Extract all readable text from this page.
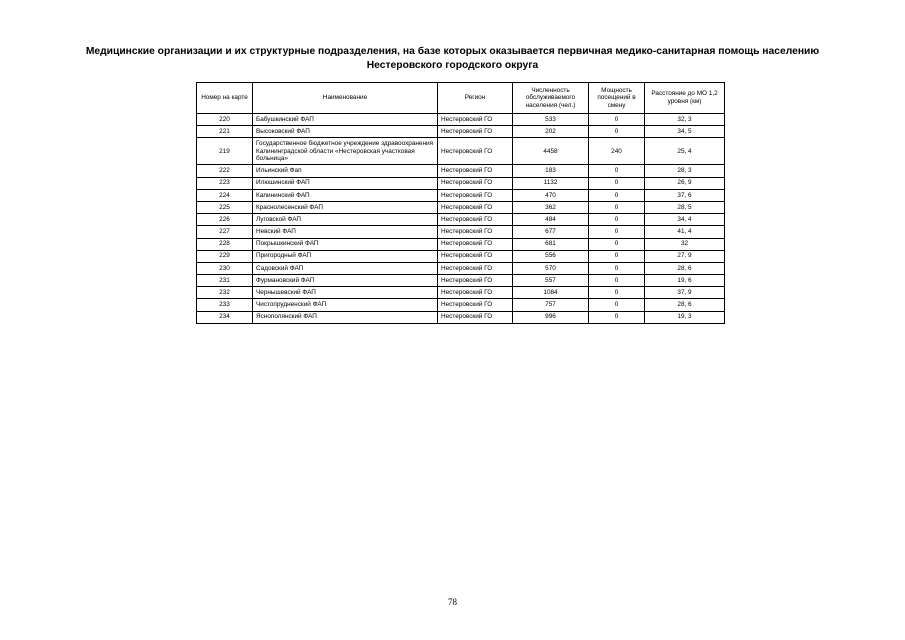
Медицинские организации и их структурные подразделения, на базе которых оказывается первичная медико-санитарная помощь населению
Нестеровского городского округа
Номер на карте	Наименование	Регион	Численность обслуживаемого населения (чел.)	Мощность посещений в смену	Расстояние до МО 1,2 уровня (км)
220	Бабушкинский ФАП	Нестеровский ГО	533	0	32, 3
221	Высоковский ФАП	Нестеровский ГО	202	0	34, 5
219	Государственное бюджетное учреждение здравоохранения Калининградской области «Нестеровская участковая больница»	Нестеровский ГО	4458	240	25, 4
222	Ильинский Фап	Нестеровский ГО	183	0	28, 3
223	Илюшинский ФАП	Нестеровский ГО	1132	0	26, 9
224	Калининский ФАП	Нестеровский ГО	470	0	37, 6
225	Краснолесенский ФАП	Нестеровский ГО	362	0	28, 5
226	Луговской ФАП	Нестеровский ГО	484	0	34, 4
227	Невский ФАП	Нестеровский ГО	677	0	41, 4
228	Покрышкинский ФАП	Нестеровский ГО	681	0	32
229	Пригородный ФАП	Нестеровский ГО	556	0	27, 9
230	Садовский ФАП	Нестеровский ГО	570	0	28, 6
231	Фурмановский ФАП	Нестеровский ГО	557	0	19, 6
232	Чернышевский ФАП	Нестеровский ГО	1084	0	37, 9
233	Чистопрудненский ФАП	Нестеровский ГО	757	0	28, 6
234	Яснополянский ФАП	Нестеровский ГО	996	0	19, 3
78
